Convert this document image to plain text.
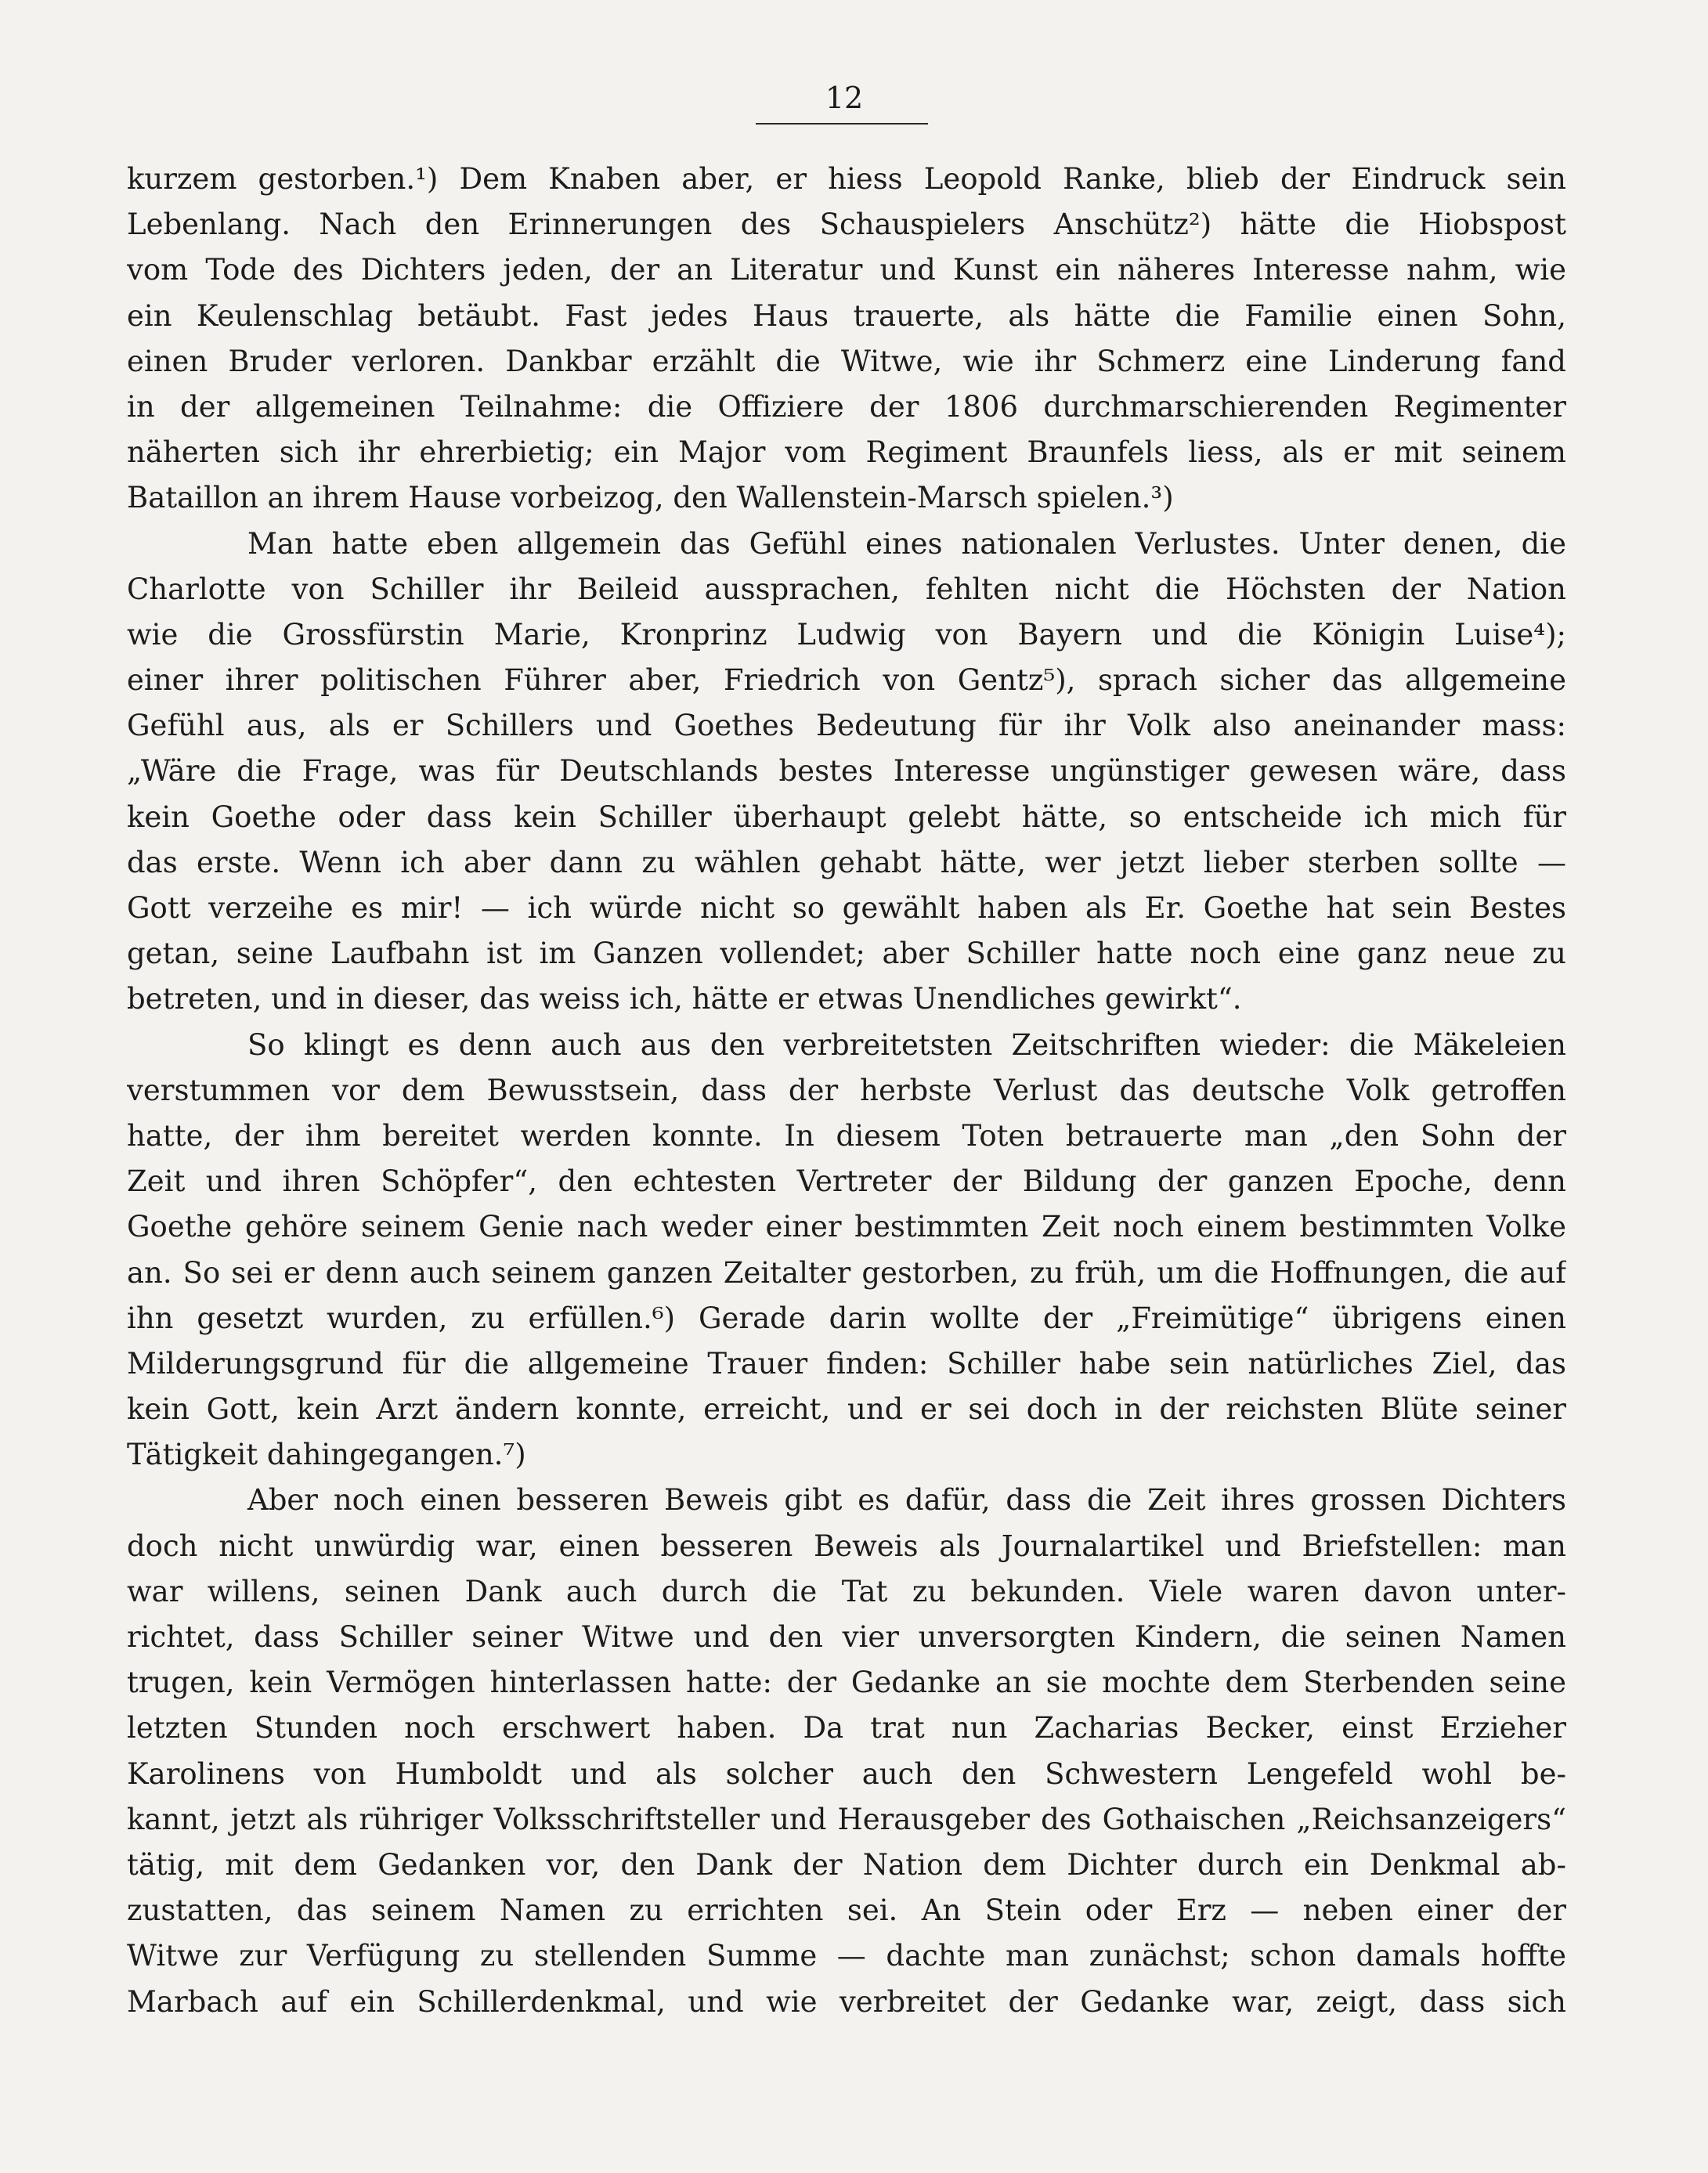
12
kurzem gestorben.¹) Dem Knaben aber, er hiess Leopold Ranke, blieb der Eindruck sein
Lebenlang. Nach den Erinnerungen des Schauspielers Anschütz²) hätte die Hiobspost
vom Tode des Dichters jeden, der an Literatur und Kunst ein näheres Interesse nahm, wie
ein Keulenschlag betäubt. Fast jedes Haus trauerte, als hätte die Familie einen Sohn,
einen Bruder verloren. Dankbar erzählt die Witwe, wie ihr Schmerz eine Linderung fand
in der allgemeinen Teilnahme: die Offiziere der 1806 durchmarschierenden Regimenter
näherten sich ihr ehrerbietig; ein Major vom Regiment Braunfels liess, als er mit seinem
Bataillon an ihrem Hause vorbeizog, den Wallenstein-Marsch spielen.³)
Man hatte eben allgemein das Gefühl eines nationalen Verlustes. Unter denen, die
Charlotte von Schiller ihr Beileid aussprachen, fehlten nicht die Höchsten der Nation
wie die Grossfürstin Marie, Kronprinz Ludwig von Bayern und die Königin Luise⁴);
einer ihrer politischen Führer aber, Friedrich von Gentz⁵), sprach sicher das allgemeine
Gefühl aus, als er Schillers und Goethes Bedeutung für ihr Volk also aneinander mass:
„Wäre die Frage, was für Deutschlands bestes Interesse ungünstiger gewesen wäre, dass
kein Goethe oder dass kein Schiller überhaupt gelebt hätte, so entscheide ich mich für
das erste. Wenn ich aber dann zu wählen gehabt hätte, wer jetzt lieber sterben sollte —
Gott verzeihe es mir! — ich würde nicht so gewählt haben als Er. Goethe hat sein Bestes
getan, seine Laufbahn ist im Ganzen vollendet; aber Schiller hatte noch eine ganz neue zu
betreten, und in dieser, das weiss ich, hätte er etwas Unendliches gewirkt“.
So klingt es denn auch aus den verbreitetsten Zeitschriften wieder: die Mäkeleien
verstummen vor dem Bewusstsein, dass der herbste Verlust das deutsche Volk getroffen
hatte, der ihm bereitet werden konnte. In diesem Toten betrauerte man „den Sohn der
Zeit und ihren Schöpfer“, den echtesten Vertreter der Bildung der ganzen Epoche, denn
Goethe gehöre seinem Genie nach weder einer bestimmten Zeit noch einem bestimmten Volke
an. So sei er denn auch seinem ganzen Zeitalter gestorben, zu früh, um die Hoffnungen, die auf
ihn gesetzt wurden, zu erfüllen.⁶) Gerade darin wollte der „Freimütige“ übrigens einen
Milderungsgrund für die allgemeine Trauer finden: Schiller habe sein natürliches Ziel, das
kein Gott, kein Arzt ändern konnte, erreicht, und er sei doch in der reichsten Blüte seiner
Tätigkeit dahingegangen.⁷)
Aber noch einen besseren Beweis gibt es dafür, dass die Zeit ihres grossen Dichters
doch nicht unwürdig war, einen besseren Beweis als Journalartikel und Briefstellen: man
war willens, seinen Dank auch durch die Tat zu bekunden. Viele waren davon unter-
richtet, dass Schiller seiner Witwe und den vier unversorgten Kindern, die seinen Namen
trugen, kein Vermögen hinterlassen hatte: der Gedanke an sie mochte dem Sterbenden seine
letzten Stunden noch erschwert haben. Da trat nun Zacharias Becker, einst Erzieher
Karolinens von Humboldt und als solcher auch den Schwestern Lengefeld wohl be-
kannt, jetzt als rühriger Volksschriftsteller und Herausgeber des Gothaischen „Reichsanzeigers“
tätig, mit dem Gedanken vor, den Dank der Nation dem Dichter durch ein Denkmal ab-
zustatten, das seinem Namen zu errichten sei. An Stein oder Erz — neben einer der
Witwe zur Verfügung zu stellenden Summe — dachte man zunächst; schon damals hoffte
Marbach auf ein Schillerdenkmal, und wie verbreitet der Gedanke war, zeigt, dass sich
